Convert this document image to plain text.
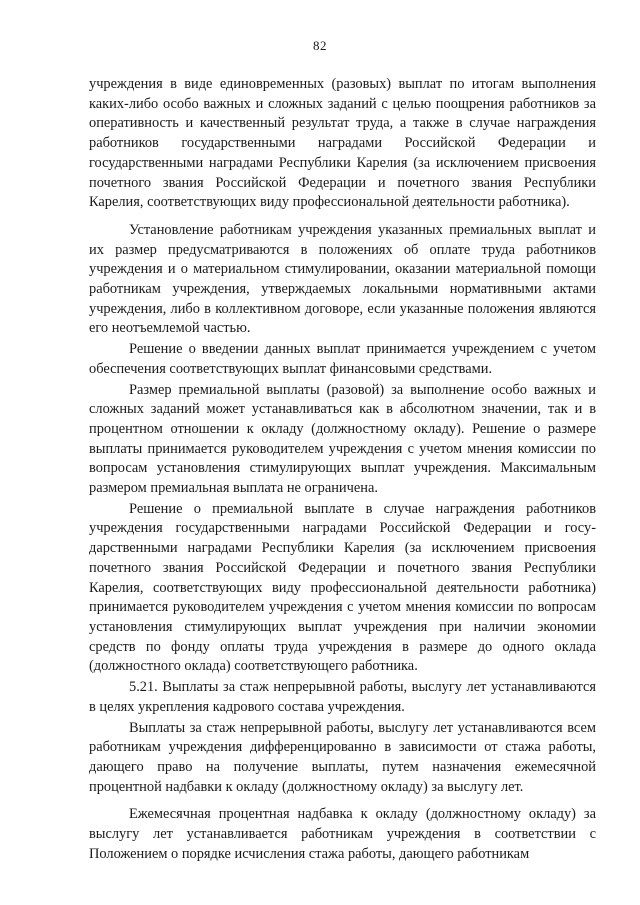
82

учреждения в виде единовременных (разовых) выплат по итогам выполнения каких-либо особо важных и сложных заданий с целью поощрения работников за оперативность и качественный результат труда, а также в случае награждения работников государственными наградами Российской Федерации и государственными наградами Республики Карелия (за исключением присвоения почетного звания Российской Федерации и почетного звания Республики Карелия, соответствующих виду профессиональной деятельности работника).

Установление работникам учреждения указанных премиальных выплат и их размер предусматриваются в положениях об оплате труда работников учреждения и о материальном стимулировании, оказании материальной помощи работникам учреждения, утверждаемых локальными нормативными актами учреждения, либо в коллективном договоре, если указанные положения являются его неотъемлемой частью.

Решение о введении данных выплат принимается учреждением с учетом обеспечения соответствующих выплат финансовыми средствами.

Размер премиальной выплаты (разовой) за выполнение особо важных и сложных заданий может устанавливаться как в абсолютном значении, так и в процентном отношении к окладу (должностному окладу). Решение о размере выплаты принимается руководителем учреждения с учетом мнения комиссии по вопросам установления стимулирующих выплат учреждения. Максимальным размером премиальная выплата не ограничена.

Решение о премиальной выплате в случае награждения работников учреждения государственными наградами Российской Федерации и государственными наградами Республики Карелия (за исключением присвоения почетного звания Российской Федерации и почетного звания Республики Карелия, соответствующих виду профессиональной деятельности работника) принимается руководителем учреждения с учетом мнения комиссии по вопросам установления стимулирующих выплат учреждения при наличии экономии средств по фонду оплаты труда учреждения в размере до одного оклада (должностного оклада) соответствующего работника.

5.21. Выплаты за стаж непрерывной работы, выслугу лет устанавливаются в целях укрепления кадрового состава учреждения.

Выплаты за стаж непрерывной работы, выслугу лет устанавливаются всем работникам учреждения дифференцированно в зависимости от стажа работы, дающего право на получение выплаты, путем назначения ежемесячной процентной надбавки к окладу (должностному окладу) за выслугу лет.

Ежемесячная процентная надбавка к окладу (должностному окладу) за выслугу лет устанавливается работникам учреждения в соответствии с Положением о порядке исчисления стажа работы, дающего работникам
